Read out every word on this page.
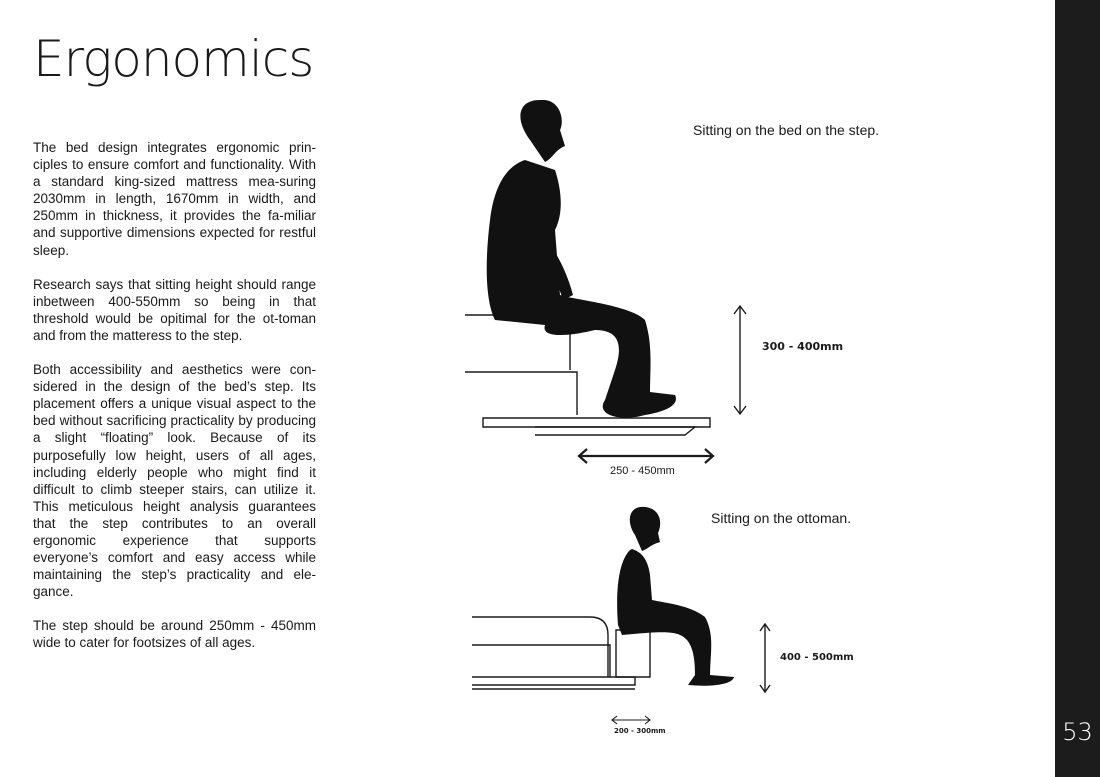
Ergonomics

The bed design integrates ergonomic prin-ciples to ensure comfort and functionality. With a standard king-sized mattress mea-suring 2030mm in length, 1670mm in width, and 250mm in thickness, it provides the fa-miliar and supportive dimensions expected for restful sleep.

Research says that sitting height should range inbetween 400-550mm so being in that threshold would be opitimal for the ot-toman and from the matteress to the step.

Both accessibility and aesthetics were con-sidered in the design of the bed’s step. Its placement offers a unique visual aspect to the bed without sacrificing practicality by producing a slight “floating” look. Because of its purposefully low height, users of all ages, including elderly people who might find it difficult to climb steeper stairs, can utilize it. This meticulous height analysis guarantees that the step contributes to an overall ergonomic experience that supports everyone’s comfort and easy access while maintaining the step’s practicality and ele-gance.

The step should be around 250mm - 450mm wide to cater for footsizes of all ages.

300 - 400mm
250 - 450mm
Sitting on the bed on the step.
400 - 500mm
200 - 300mm
Sitting on the ottoman.
53
